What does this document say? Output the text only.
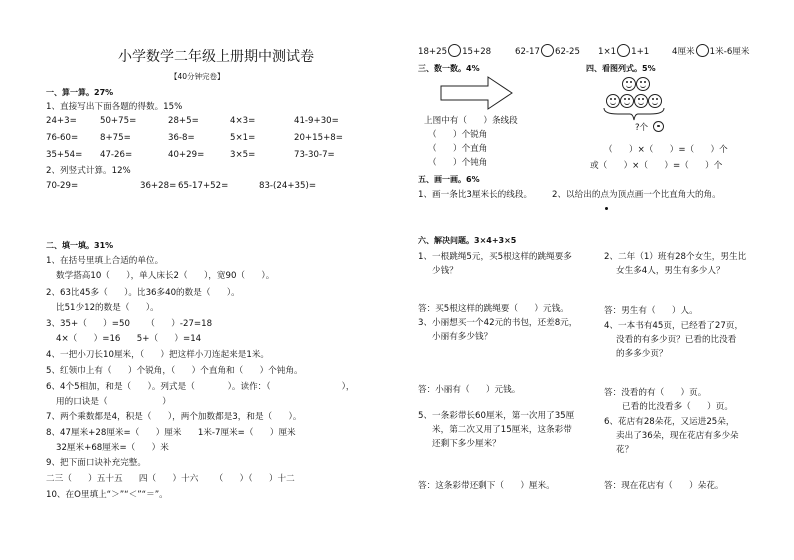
小学数学二年级上册期中测试卷
【40分钟完卷】
一、算一算。27%
1、直接写出下面各题的得数。15%
24+3=	50+75=	28+5=	4×3=	41-9+30=
76-60=	8+75=	36-8=	5×1=	20+15+8=
35+54= 47-26=	40+29=	3×5=	73-30-7=
2、列竖式计算。12%
70-29=	36+28= 65-17+52=	83-(24+35)=
二、填一填。31%
1、在括号里填上合适的单位。
数学搭高10（      ），单人床长2（      ），宽90（      ）。
2、63比45多（      ）。比36多40的数是（      ）。
比51少12的数是（      ）。
3、35+（      ）=50      （      ）-27=18
4×（      ）=16      5+（      ）=14
4、一把小刀长10厘米，（      ）把这样小刀连起来是1米。
5、红领巾上有（      ）个锐角，（      ）个直角和（      ）个钝角。
6、4个5相加，和是（      ）。列式是（            ）。读作：（                          ），
用的口诀是（                    ）
7、两个乘数都是4，积是（      ），两个加数都是3，和是（      ）。
8、47厘米+28厘米=（      ）厘米      1米-7厘米=（      ）厘米
32厘米+68厘米=（      ）米
9、把下面口诀补充完整。
二三（      ）五十五      四（      ）十六      （      ）（      ）十二
10、在O里填上“＞”“＜”“＝”。
18+25 15+28	62-17 62-25 1×1 1+1	4厘米 1米-6厘米
三、数一数。4%
上图中有（      ）条线段
（      ）个锐角
（      ）个直角
（      ）个钝角
四、看图列式。5%
?个
（      ）×（      ）=（      ）个
或（      ）×（      ）=（      ）个
五、画一画。6%
1、画一条比3厘米长的线段。 2、以给出的点为顶点画一个比直角大的角。
六、解决问题。3×4+3×5
1、一根跳绳5元，买5根这样的跳绳要多
少钱？
答：买5根这样的跳绳要（      ）元钱。
2、二年（1）班有28个女生，男生比
女生多4人，男生有多少人？
答：男生有（      ）人。
3、小丽想买一个42元的书包，还差8元，
小丽有多少钱？
答：小丽有（      ）元钱。
4、一本书有45页，已经看了27页，
没看的有多少页？已看的比没看
的多多少页？
答：没看的有（      ）页。
已看的比没看多（      ）页。
5、一条彩带长60厘米，第一次用了35厘
米，第二次又用了15厘米，这条彩带
还剩下多少厘米？
答：这条彩带还剩下（      ）厘米。
6、花店有28朵花，又运进25朵，
卖出了36朵，现在花店有多少朵
花？
答：现在花店有（      ）朵花。
